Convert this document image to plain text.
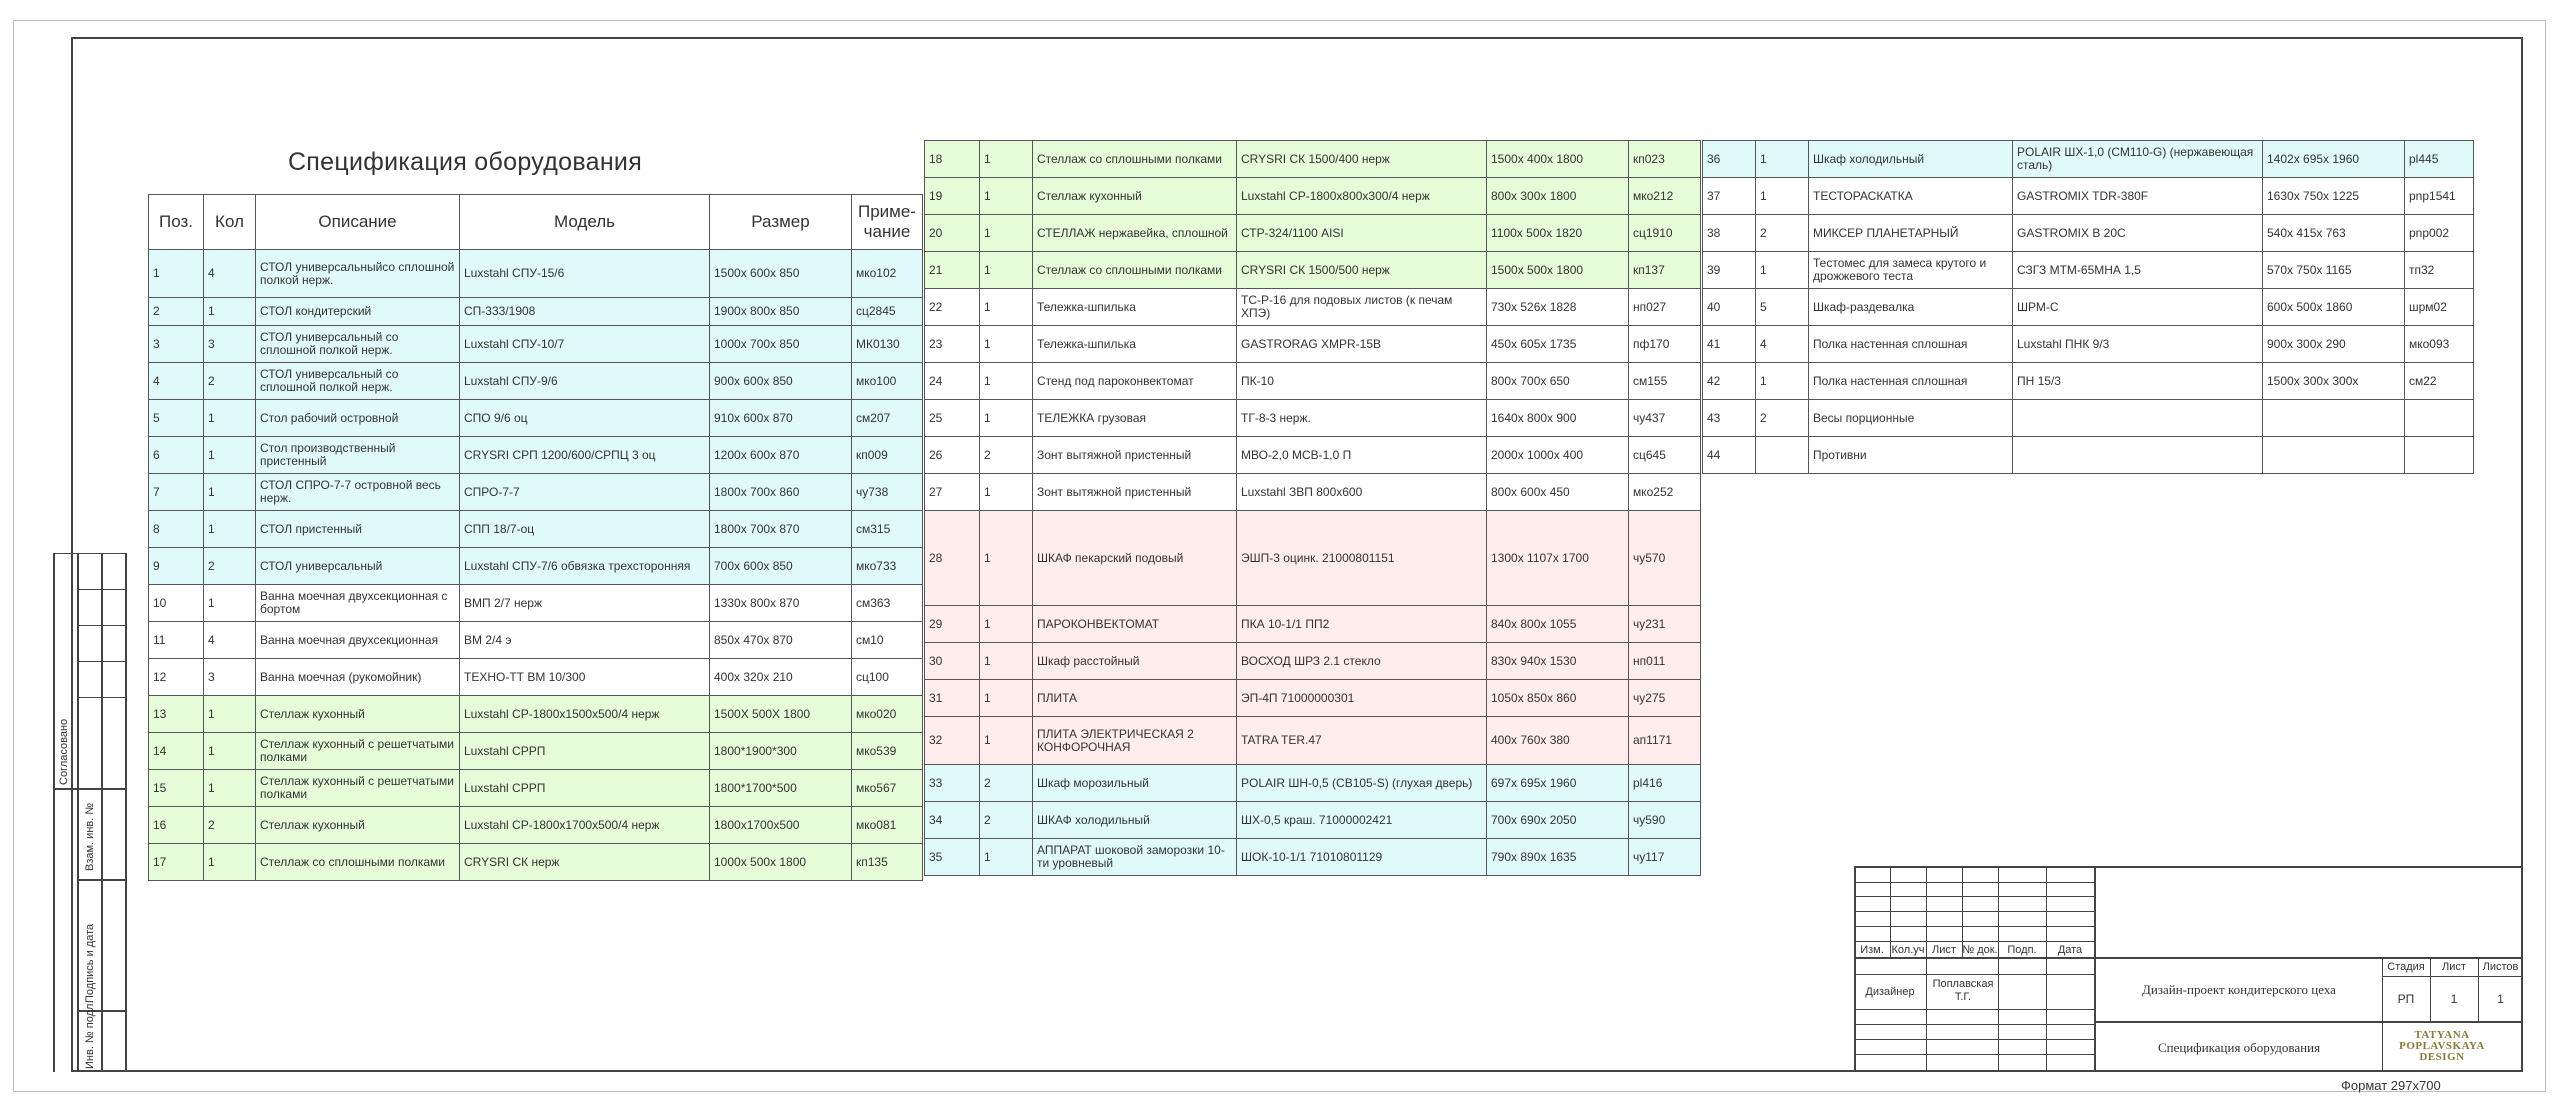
Спецификация оборудования
Поз.	Кол	Описание	Модель	Размер	Приме-чание
1	4	СТОЛ универсальныйсо сплошной полкой нерж.	Luxstahl СПУ-15/6	1500х 600х 850	мко102
2	1	СТОЛ кондитерский	СП-333/1908	1900х 800х 850	сц2845
3	3	СТОЛ универсальный со сплошной полкой нерж.	Luxstahl СПУ-10/7	1000х 700х 850	МК0130
4	2	СТОЛ универсальный со сплошной полкой нерж.	Luxstahl СПУ-9/6	900х 600х 850	мко100
5	1	Стол рабочий островной	СПО 9/6 оц	910х 600х 870	см207
6	1	Стол производственный пристенный	CRYSRI СРП 1200/600/СРПЦ 3 оц	1200х 600х 870	кп009
7	1	СТОЛ СПРО-7-7 островной весь нерж.	СПРО-7-7	1800х 700х 860	чу738
8	1	СТОЛ пристенный	СПП 18/7-оц	1800х 700х 870	см315
9	2	СТОЛ универсальный	Luxstahl СПУ-7/6 обвязка трехсторонняя	700х 600х 850	мко733
10	1	Ванна моечная двухсекционная с бортом	ВМП 2/7 нерж	1330х 800х 870	см363
11	4	Ванна моечная двухсекционная	ВМ 2/4 э	850х 470х 870	см10
12	3	Ванна моечная (рукомойник)	ТЕХНО-ТТ ВМ 10/300	400х 320х 210	сц100
13	1	Стеллаж кухонный	Luxstahl СР-1800х1500х500/4 нерж	1500Х 500Х 1800	мко020
14	1	Стеллаж кухонный с решетчатыми полками	Luxstahl СРРП	1800*1900*300	мко539
15	1	Стеллаж кухонный с решетчатыми полками	Luxstahl СРРП	1800*1700*500	мко567
16	2	Стеллаж кухонный	Luxstahl СР-1800х1700х500/4 нерж	1800х1700х500	мко081
17	1	Стеллаж со сплошными полками	CRYSRI СК нерж	1000х 500х 1800	кп135
18	1	Стеллаж со сплошными полками	CRYSRI СК 1500/400 нерж	1500х 400х 1800	кп023
19	1	Стеллаж кухонный	Luxstahl СР-1800х800х300/4 нерж	800х 300х 1800	мко212
20	1	СТЕЛЛАЖ нержавейка, сплошной	СТР-324/1100 AISI	1100х 500х 1820	сц1910
21	1	Стеллаж со сплошными полками	CRYSRI СК 1500/500 нерж	1500х 500х 1800	кп137
22	1	Тележка-шпилька	ТС-Р-16 для подовых листов (к печам ХПЭ)	730х 526х 1828	нп027
23	1	Тележка-шпилька	GASTRORAG XMPR-15B	450х 605х 1735	пф170
24	1	Стенд под пароконвектомат	ПК-10	800х 700х 650	см155
25	1	ТЕЛЕЖКА грузовая	ТГ-8-3 нерж.	1640х 800х 900	чу437
26	2	Зонт вытяжной пристенный	МВО-2,0 МСВ-1,0 П	2000х 1000х 400	сц645
27	1	Зонт вытяжной пристенный	Luxstahl ЗВП 800х600	800х 600х 450	мко252
28	1	ШКАФ пекарский подовый	ЭШП-3 оцинк. 21000801151	1300х 1107х 1700	чу570
29	1	ПАРОКОНВЕКТОМАТ	ПКА 10-1/1 ПП2	840х 800х 1055	чу231
30	1	Шкаф расстойный	ВОСХОД ШРЗ 2.1 стекло	830х 940х 1530	нп011
31	1	ПЛИТА	ЭП-4П 71000000301	1050х 850х 860	чу275
32	1	ПЛИТА ЭЛЕКТРИЧЕСКАЯ 2 КОНФОРОЧНАЯ	TATRA TER.47	400х 760х 380	ап1171
33	2	Шкаф морозильный	POLAIR ШН-0,5 (CB105-S) (глухая дверь)	697х 695х 1960	pl416
34	2	ШКАФ холодильный	ШХ-0,5 краш. 71000002421	700х 690х 2050	чу590
35	1	АППАРАТ шоковой заморозки 10-ти уровневый	ШОК-10-1/1 71010801129	790х 890х 1635	чу117
36	1	Шкаф холодильный	POLAIR ШХ-1,0 (СМ110-G) (нержавеющая сталь)	1402х 695х 1960	pl445
37	1	ТЕСТОРАСКАТКА	GASTROMIX TDR-380F	1630х 750х 1225	pnp1541
38	2	МИКСЕР ПЛАНЕТАРНЫЙ	GASTROMIX B 20C	540х 415х 763	pnp002
39	1	Тестомес для замеса крутого и дрожжевого теста	СЗГЗ МТМ-65МНА 1,5	570х 750х 1165	тп32
40	5	Шкаф-раздевалка	ШРМ-С	600х 500х 1860	шрм02
41	4	Полка настенная сплошная	Luxstahl ПНК 9/3	900х 300х 290	мко093
42	1	Полка настенная сплошная	ПН 15/3	1500х 300х 300х	см22
43	2	Весы порционные			
44		Противни			
Согласовано
Взам. инв. №
Подпись и дата
Инв. № подл.
Изм. Кол.уч Лист № док. Подп.	Дата
Дизайнер
Поплавская Т.Г.	Дизайн-проект кондитерского цеха
Спецификация оборудования
Стадия	Лист	Листов
РП	1	1
TATYANA
POPLAVSKAYA
DESIGN
Формат 297х700
